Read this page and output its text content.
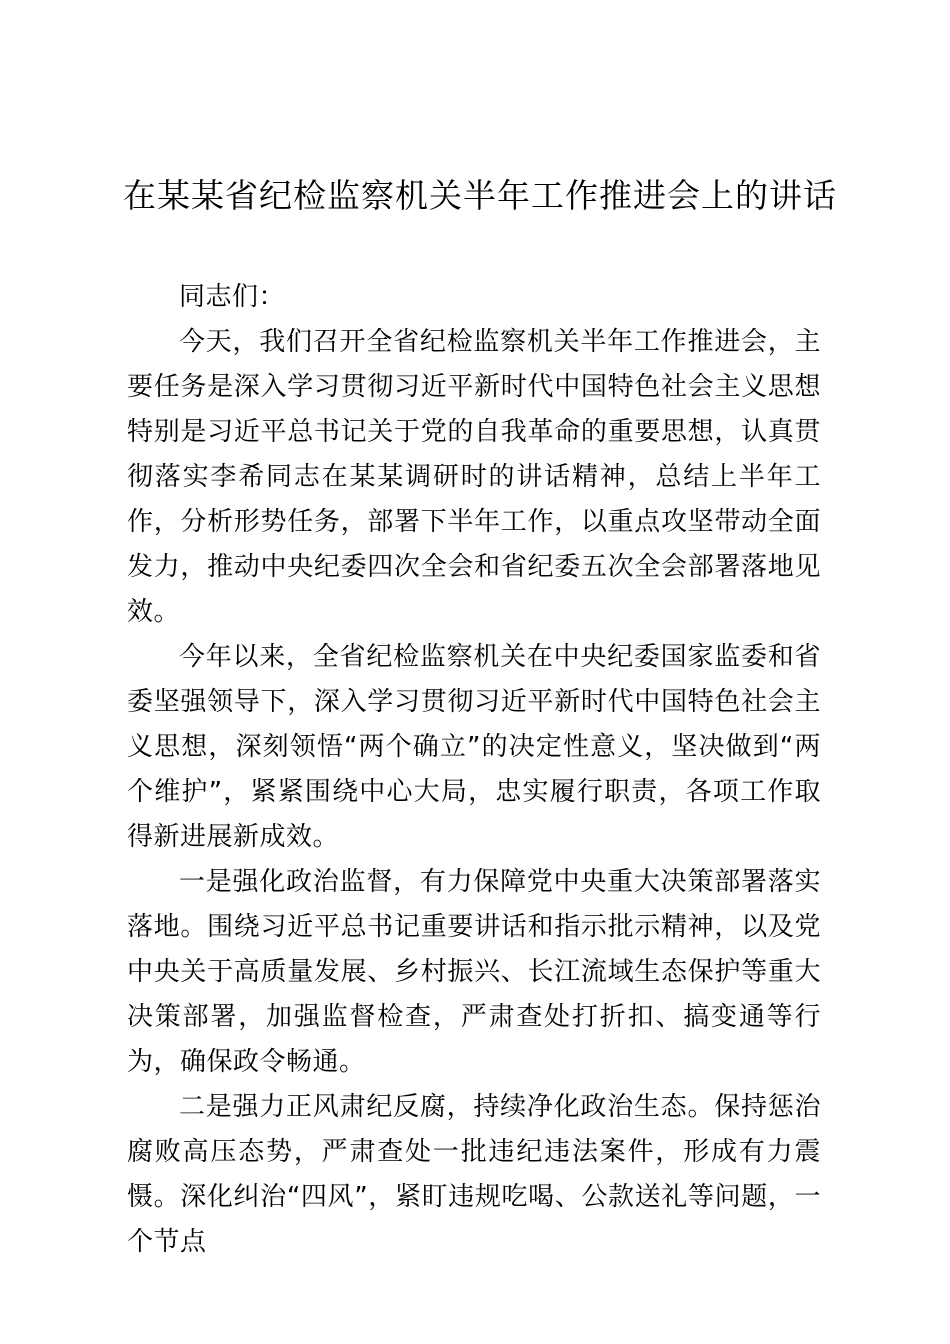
在某某省纪检监察机关半年工作推进会上的讲话

同志们：

今天，我们召开全省纪检监察机关半年工作推进会，主要任务是深入学习贯彻习近平新时代中国特色社会主义思想特别是习近平总书记关于党的自我革命的重要思想，认真贯彻落实李希同志在某某调研时的讲话精神，总结上半年工作，分析形势任务，部署下半年工作，以重点攻坚带动全面发力，推动中央纪委四次全会和省纪委五次全会部署落地见效。

今年以来，全省纪检监察机关在中央纪委国家监委和省委坚强领导下，深入学习贯彻习近平新时代中国特色社会主义思想，深刻领悟“两个确立”的决定性意义，坚决做到“两个维护”，紧紧围绕中心大局，忠实履行职责，各项工作取得新进展新成效。

一是强化政治监督，有力保障党中央重大决策部署落实落地。围绕习近平总书记重要讲话和指示批示精神，以及党中央关于高质量发展、乡村振兴、长江流域生态保护等重大决策部署，加强监督检查，严肃查处打折扣、搞变通等行为，确保政令畅通。

二是强力正风肃纪反腐，持续净化政治生态。保持惩治腐败高压态势，严肃查处一批违纪违法案件，形成有力震慑。深化纠治“四风”，紧盯违规吃喝、公款送礼等问题，一个节点
